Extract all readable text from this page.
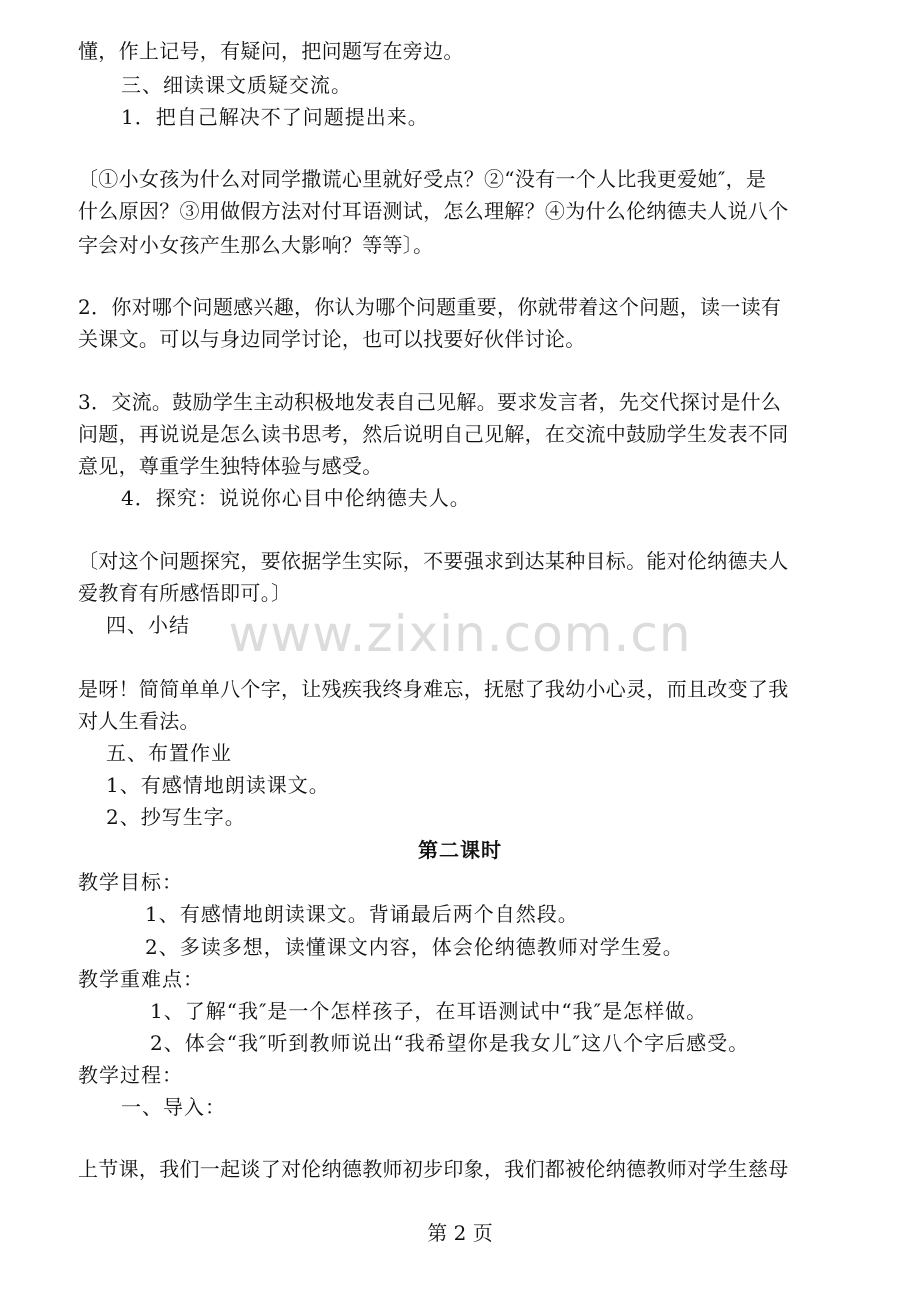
www.zixin.com.cn
懂，作上记号，有疑问，把问题写在旁边。
三、细读课文质疑交流。
1．把自己解决不了问题提出来。
〔①小女孩为什么对同学撒谎心里就好受点？②“没有一个人比我更爱她″，是
什么原因？③用做假方法对付耳语测试，怎么理解？④为什么伦纳德夫人说八个
字会对小女孩产生那么大影响？等等〕。
2．你对哪个问题感兴趣，你认为哪个问题重要，你就带着这个问题，读一读有
关课文。可以与身边同学讨论，也可以找要好伙伴讨论。
3．交流。鼓励学生主动积极地发表自己见解。要求发言者，先交代探讨是什么
问题，再说说是怎么读书思考，然后说明自己见解，在交流中鼓励学生发表不同
意见，尊重学生独特体验与感受。
4．探究：说说你心目中伦纳德夫人。
〔对这个问题探究，要依据学生实际，不要强求到达某种目标。能对伦纳德夫人
爱教育有所感悟即可。〕
四、小结
是呀！简简单单八个字，让残疾我终身难忘，抚慰了我幼小心灵，而且改变了我
对人生看法。
五、布置作业
1、有感情地朗读课文。
2、抄写生字。
第二课时
教学目标：
1、有感情地朗读课文。背诵最后两个自然段。
2、多读多想，读懂课文内容，体会伦纳德教师对学生爱。
教学重难点：
1、了解“我″是一个怎样孩子，在耳语测试中“我″是怎样做。
2、体会“我″听到教师说出“我希望你是我女儿″这八个字后感受。
教学过程：
一、导入：
上节课，我们一起谈了对伦纳德教师初步印象，我们都被伦纳德教师对学生慈母
第 2 页
